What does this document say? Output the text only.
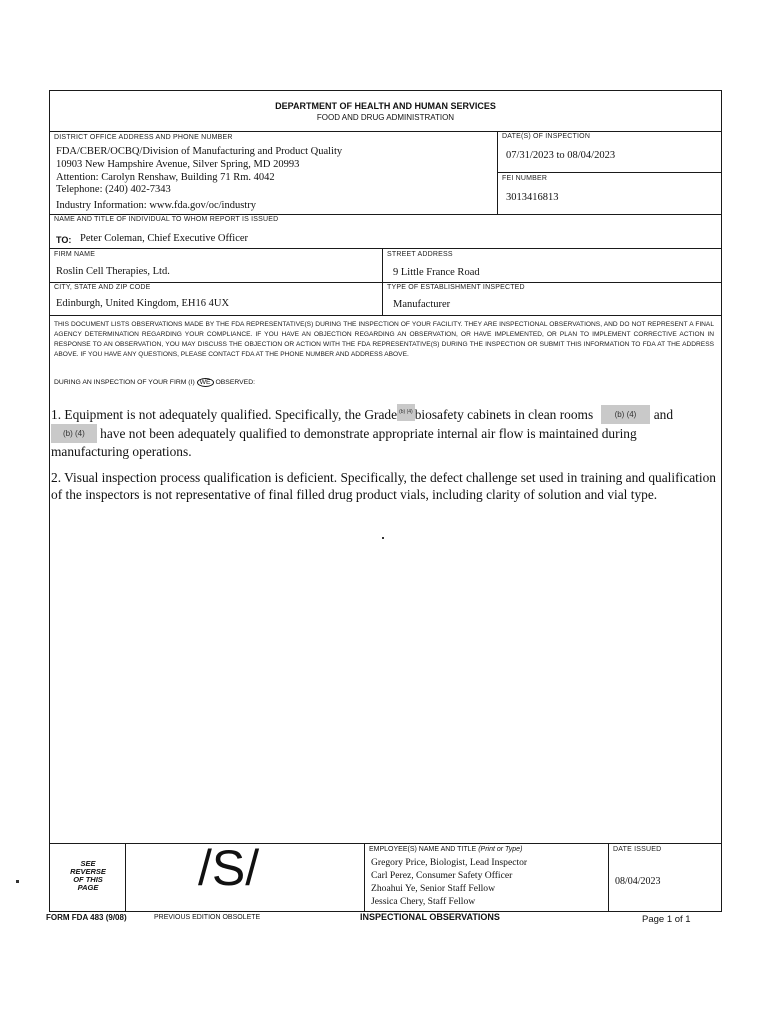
DEPARTMENT OF HEALTH AND HUMAN SERVICES
FOOD AND DRUG ADMINISTRATION
DISTRICT OFFICE ADDRESS AND PHONE NUMBER
FDA/CBER/OCBQ/Division of Manufacturing and Product Quality
10903 New Hampshire Avenue, Silver Spring, MD 20993
Attention: Carolyn Renshaw, Building 71 Rm. 4042
Telephone: (240) 402-7343
Industry Information: www.fda.gov/oc/industry
DATE(S) OF INSPECTION
07/31/2023 to 08/04/2023
FEI NUMBER
3013416813
NAME AND TITLE OF INDIVIDUAL TO WHOM REPORT IS ISSUED
TO: Peter Coleman, Chief Executive Officer
FIRM NAME
Roslin Cell Therapies, Ltd.
STREET ADDRESS
9 Little France Road
CITY, STATE AND ZIP CODE
Edinburgh, United Kingdom, EH16 4UX
TYPE OF ESTABLISHMENT INSPECTED
Manufacturer
THIS DOCUMENT LISTS OBSERVATIONS MADE BY THE FDA REPRESENTATIVE(S) DURING THE INSPECTION OF YOUR FACILITY. THEY ARE INSPECTIONAL OBSERVATIONS, AND DO NOT REPRESENT A FINAL AGENCY DETERMINATION REGARDING YOUR COMPLIANCE. IF YOU HAVE AN OBJECTION REGARDING AN OBSERVATION, OR HAVE IMPLEMENTED, OR PLAN TO IMPLEMENT CORRECTIVE ACTION IN RESPONSE TO AN OBSERVATION, YOU MAY DISCUSS THE OBJECTION OR ACTION WITH THE FDA REPRESENTATIVE(S) DURING THE INSPECTION OR SUBMIT THIS INFORMATION TO FDA AT THE ADDRESS ABOVE. IF YOU HAVE ANY QUESTIONS, PLEASE CONTACT FDA AT THE PHONE NUMBER AND ADDRESS ABOVE.
DURING AN INSPECTION OF YOUR FIRM (I) WE OBSERVED:
1. Equipment is not adequately qualified. Specifically, the Grade (b) (4) biosafety cabinets in clean rooms	(b) (4) and
(b) (4) have not been adequately qualified to demonstrate appropriate internal air flow is maintained during
manufacturing operations.
2. Visual inspection process qualification is deficient. Specifically, the defect challenge set used in training and qualification of the inspectors is not representative of final filled drug product vials, including clarity of solution and vial type.
SEE
REVERSE
OF THIS
PAGE	/S/	EMPLOYEE(S) NAME AND TITLE (Print or Type)
Gregory Price, Biologist, Lead Inspector
Carl Perez, Consumer Safety Officer
Zhoahui Ye, Senior Staff Fellow
Jessica Chery, Staff Fellow
DATE ISSUED
08/04/2023
FORM FDA 483 (9/08)	PREVIOUS EDITION OBSOLETE	INSPECTIONAL OBSERVATIONS	Page 1 of 1
